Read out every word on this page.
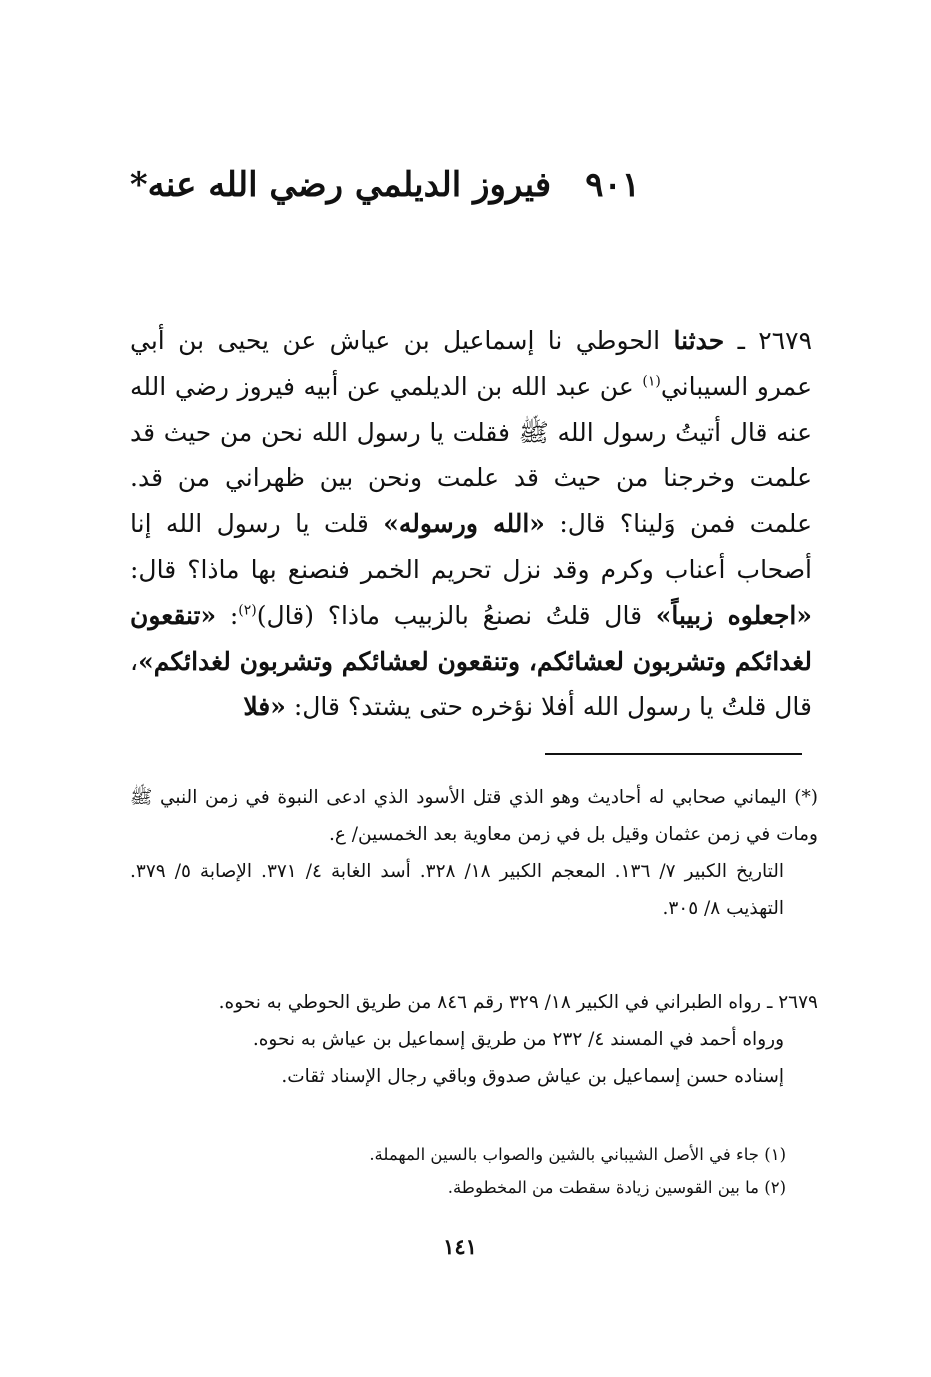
٩٠١فيروز الديلمي رضي الله عنه*

٢٦٧٩ ـ حدثنا الحوطي نا إسماعيل بن عياش عن يحيى بن أبي عمرو السيباني$^{(١)}$ عن عبد الله بن الديلمي عن أبيه فيروز رضي الله عنه قال أتيتُ رسول الله ﷺ فقلت يا رسول الله نحن من حيث قد علمت وخرجنا من حيث قد علمت ونحن بين ظهراني من قد. علمت فمن وَلينا؟ قال: «الله ورسوله» قلت يا رسول الله إنا أصحاب أعناب وكرم وقد نزل تحريم الخمر فنصنع بها ماذا؟ قال: «اجعلوه زبيباً» قال قلتُ نصنعُ بالزبيب ماذا؟ (قال)$^{(٢)}$: «تنقعون لغدائكم وتشربون لعشائكم، وتنقعون لعشائكم وتشربون لغدائكم»، قال قلتُ يا رسول الله أفلا نؤخره حتى يشتد؟ قال: «فلا

(*) اليماني صحابي له أحاديث وهو الذي قتل الأسود الذي ادعى النبوة في زمن النبي ﷺ ومات في زمن عثمان وقيل بل في زمن معاوية بعد الخمسين/ ع.

التاريخ الكبير ٧/ ١٣٦. المعجم الكبير ١٨/ ٣٢٨. أسد الغابة ٤/ ٣٧١. الإصابة ٥/ ٣٧٩. التهذيب ٨/ ٣٠٥.

٢٦٧٩ ـ رواه الطبراني في الكبير ١٨/ ٣٢٩ رقم ٨٤٦ من طريق الحوطي به نحوه.

ورواه أحمد في المسند ٤/ ٢٣٢ من طريق إسماعيل بن عياش به نحوه.

إسناده حسن إسماعيل بن عياش صدوق وباقي رجال الإسناد ثقات.

(١) جاء في الأصل الشيباني بالشين والصواب بالسين المهملة.

(٢) ما بين القوسين زيادة سقطت من المخطوطة.

١٤١
